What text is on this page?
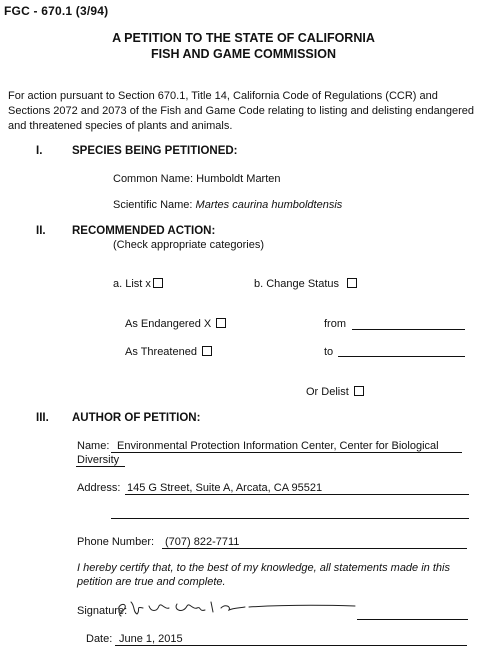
FGC - 670.1 (3/94)
A PETITION TO THE STATE OF CALIFORNIA
FISH AND GAME COMMISSION
For action pursuant to Section 670.1, Title 14, California Code of Regulations (CCR) and Sections 2072 and 2073 of the Fish and Game Code relating to listing and delisting endangered and threatened species of plants and animals.
I.	SPECIES BEING PETITIONED:
Common Name: Humboldt Marten
Scientific Name: Martes caurina humboldtensis
II. RECOMMENDED ACTION:
(Check appropriate categories)
a. List x	b. Change Status
As Endangered X	from
As Threatened	to
Or Delist
III. AUTHOR OF PETITION:
Name: Environmental Protection Information Center, Center for Biological
Diversity
Address: 145 G Street, Suite A, Arcata, CA 95521
Phone Number: (707) 822-7711
I hereby certify that, to the best of my knowledge, all statements made in this petition are true and complete.
Signature:
Date: June 1, 2015
